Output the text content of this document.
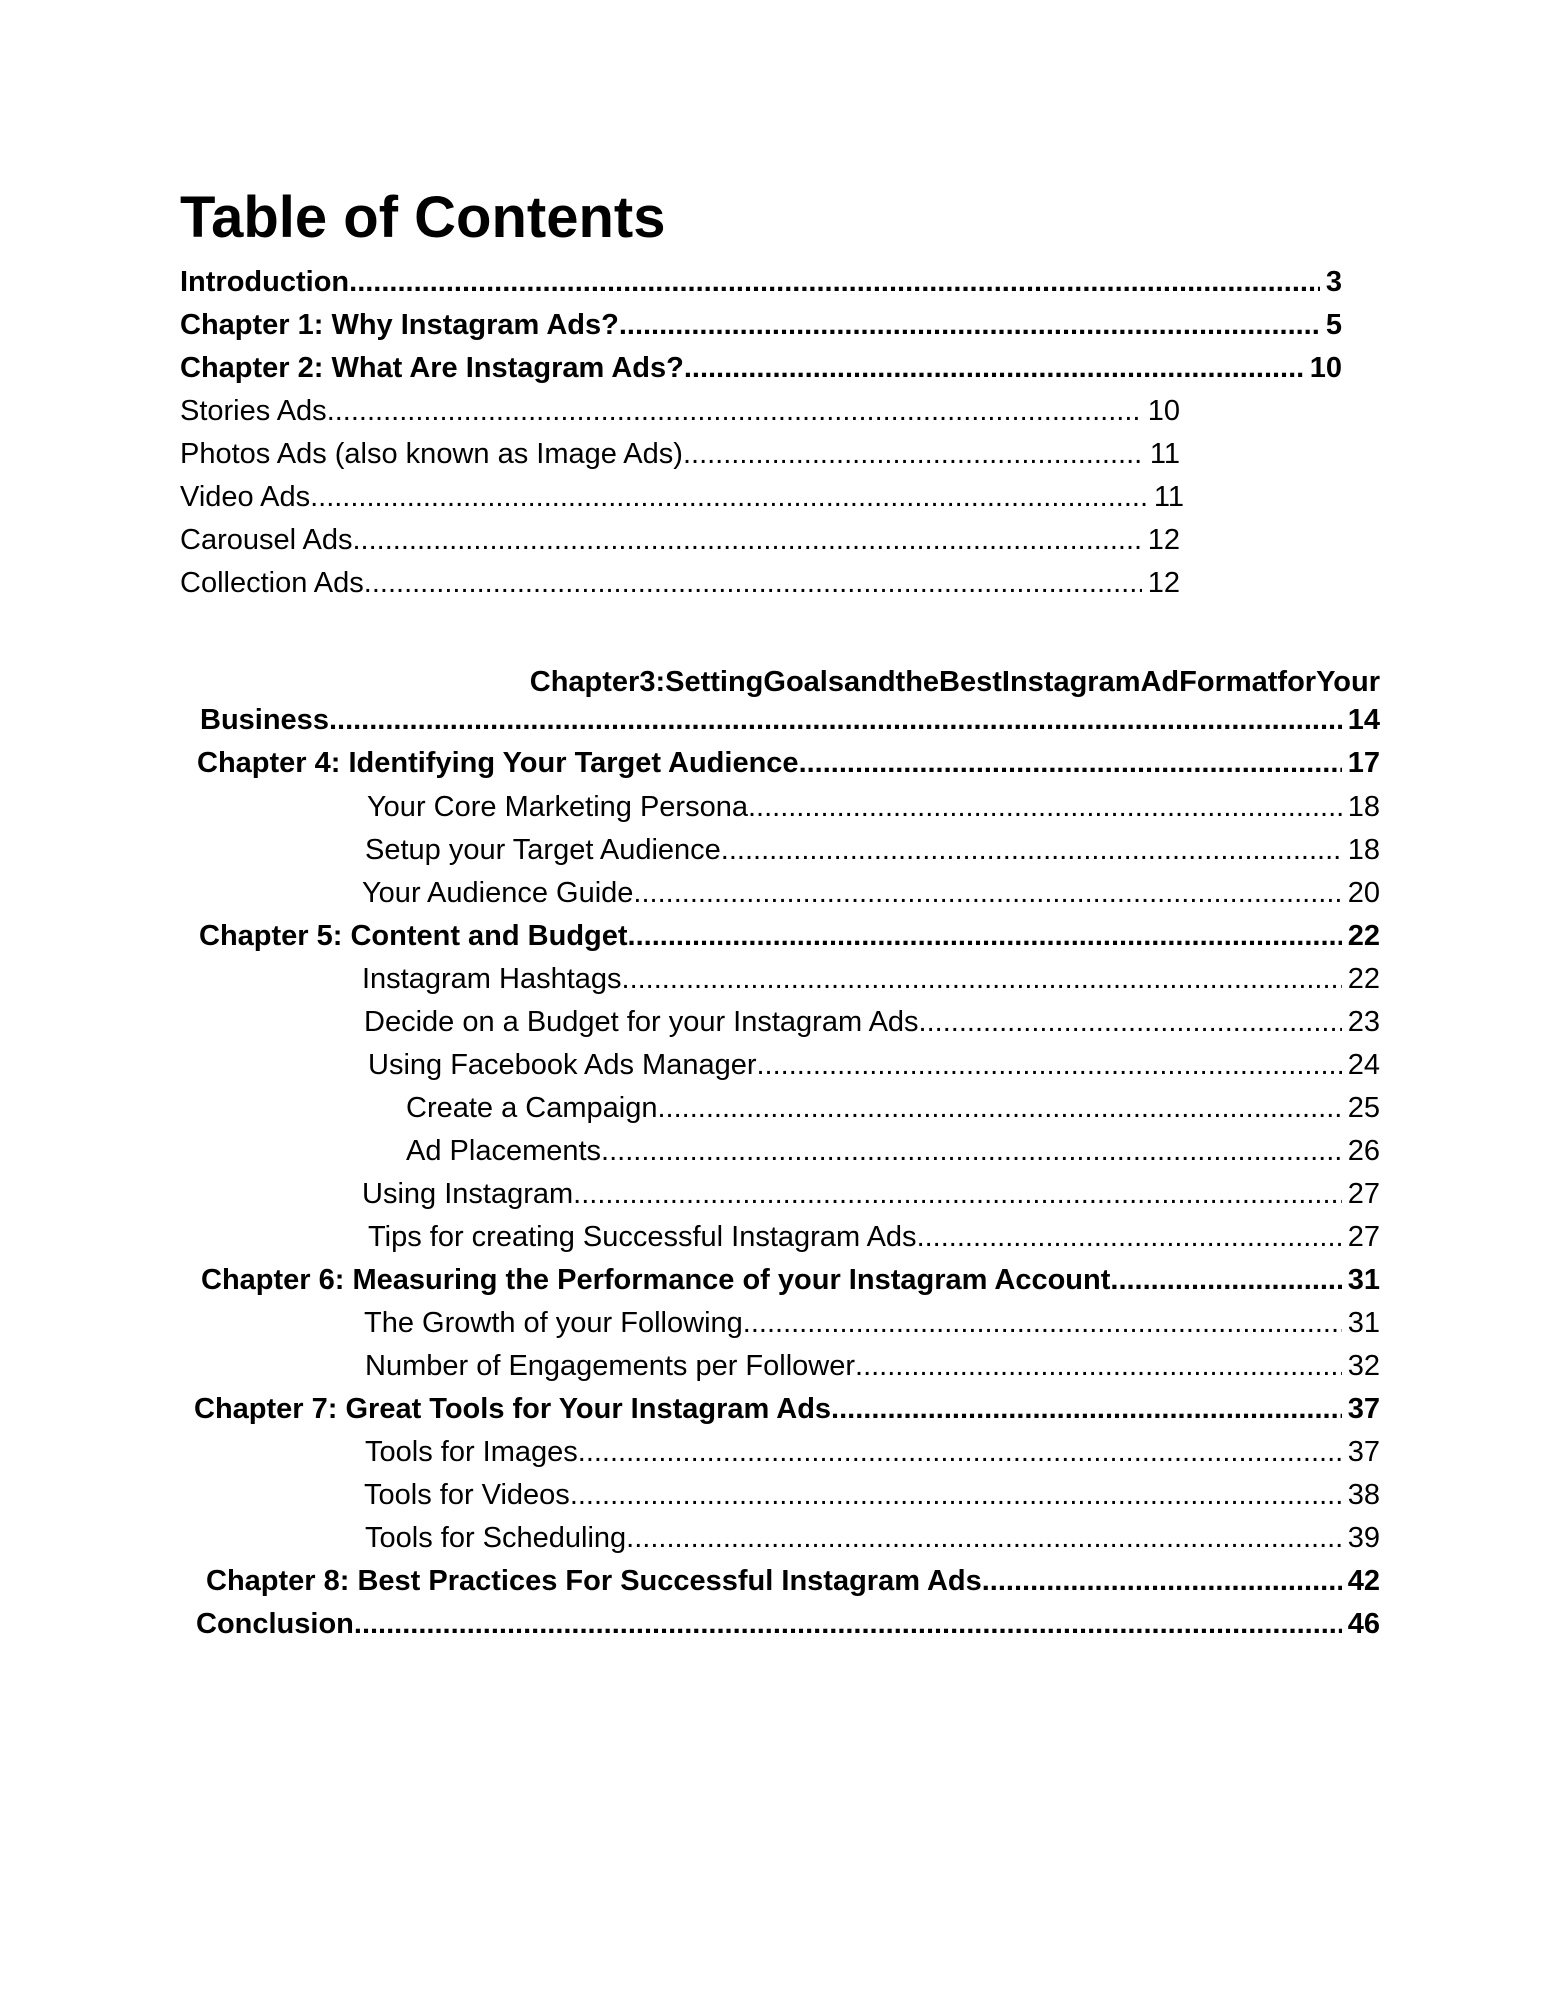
Table of Contents
Introduction .....	3
Chapter 1: Why Instagram Ads? .....	5
Chapter 2: What Are Instagram Ads? .....	10
Stories Ads .....	10
Photos Ads (also known as Image Ads) .....	11
Video Ads .....	11
Carousel Ads .....	12
Collection Ads .....	12
Chapter3:SettingGoalsandtheBestInstagramAdFormatforYour
Business .....	14
Chapter 4: Identifying Your Target Audience .....	17
Your Core Marketing Persona .....	18
Setup your Target Audience .....	18
Your Audience Guide .....	20
Chapter 5: Content and Budget .....	22
Instagram Hashtags .....	22
Decide on a Budget for your Instagram Ads .....	23
Using Facebook Ads Manager .....	24
Create a Campaign .....	25
Ad Placements .....	26
Using Instagram .....	27
Tips for creating Successful Instagram Ads .....	27
Chapter 6: Measuring the Performance of your Instagram Account .....	31
The Growth of your Following .....	31
Number of Engagements per Follower .....	32
Chapter 7: Great Tools for Your Instagram Ads .....	37
Tools for Images .....	37
Tools for Videos .....	38
Tools for Scheduling .....	39
Chapter 8: Best Practices For Successful Instagram Ads .....	42
Conclusion .....	46
